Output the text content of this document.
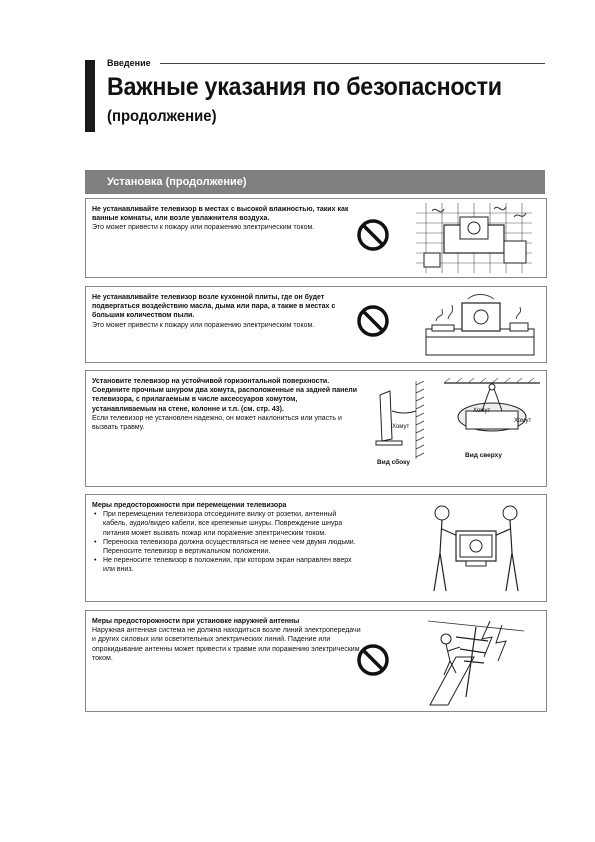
Введение
Важные указания по безопасности
(продолжение)
Установка (продолжение)
Не устанавливайте телевизор в местах с высокой влажностью, таких как ванные комнаты, или возле увлажнителя воздуха.
Это может привести к пожару или поражению электрическим током.
Не устанавливайте телевизор возле кухонной плиты, где он будет подвергаться воздействию масла, дыма или пара, а также в местах с большим количеством пыли.
Это может привести к пожару или поражению электрическим током.
Установите телевизор на устойчивой горизонтальной поверхности. Соедините прочным шнуром два хомута, расположенные на задней панели телевизора, с прилагаемым в числе аксессуаров хомутом, устанавливаемым на стене, колонне и т.п. (см. стр. 43).
Если телевизор не установлен надежно, он может наклониться или упасть и вызвать травму.
Вид сбоку
Хомут
Хомут
Хомут
Вид сверху
Меры предосторожности при перемещении телевизора
• При перемещении телевизора отсоедините вилку от розетки, антенный кабель, аудио/видео кабели, все крепежные шнуры. Повреждение шнура питания может вызвать пожар или поражение электрическим током.
• Переноска телевизора должна осуществляться не менее чем двумя людьми. Переносите телевизор в вертикальном положении.
• Не переносите телевизор в положении, при котором экран направлен вверх или вниз.
Меры предосторожности при установке наружней антенны
Наружная антенная система не должна находиться возле линий электропередачи и других силовых или осветительных электрических линий. Падение или опрокидывание антенны может привести к травме или поражению электрическим током.
